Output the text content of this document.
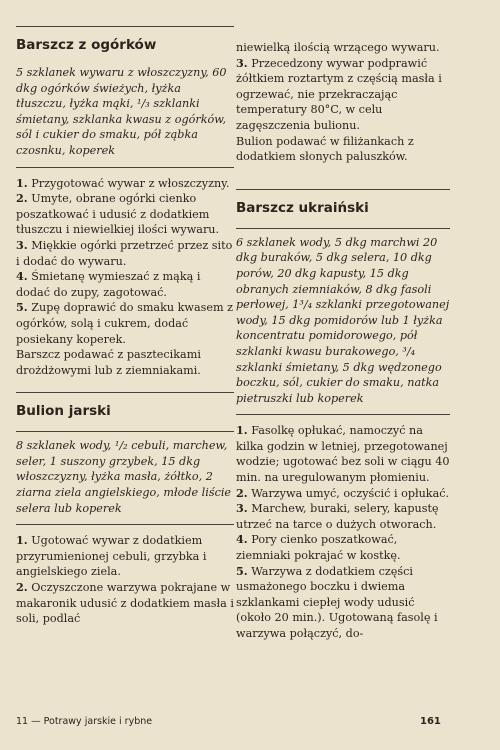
Barszcz z ogórków

5 szklanek wywaru z włoszczyzny, 60 dkg ogórków świeżych, łyżka tłuszczu, łyżka mąki, ¹/₃ szklanki śmietany, szklanka kwasu z ogórków, sól i cukier do smaku, pół ząbka czosnku, koperek

1. Przygotować wywar z włoszczyzny.

2. Umyte, obrane ogórki cienko poszatkować i udusić z dodatkiem tłuszczu i niewielkiej ilości wywaru.

3. Miękkie ogórki przetrzeć przez sito i dodać do wywaru.

4. Śmietanę wymieszać z mąką i dodać do zupy, zagotować.

5. Zupę doprawić do smaku kwasem z ogórków, solą i cukrem, dodać posiekany koperek.

Barszcz podawać z pasztecikami drożdżowymi lub z ziemniakami.

Bulion jarski

8 szklanek wody, ¹/₂ cebuli, marchew, seler, 1 suszony grzybek, 15 dkg włoszczyzny, łyżka masła, żółtko, 2 ziarna ziela angielskiego, młode liście selera lub koperek

1. Ugotować wywar z dodatkiem przyrumienionej cebuli, grzybka i angielskiego ziela.

2. Oczyszczone warzywa pokrajane w makaronik udusić z dodatkiem masła i soli, podlać

niewielką ilością wrzącego wywaru.

3. Przecedzony wywar podprawić żółtkiem roztartym z częścią masła i ogrzewać, nie przekraczając temperatury 80°C, w celu zagęszczenia bulionu.

Bulion podawać w filiżankach z dodatkiem słonych paluszków.

Barszcz ukraiński

6 szklanek wody, 5 dkg marchwi 20 dkg buraków, 5 dkg selera, 10 dkg porów, 20 dkg kapusty, 15 dkg obranych ziemniaków, 8 dkg fasoli perłowej, 1³/₄ szklanki przegotowanej wody, 15 dkg pomidorów lub 1 łyżka koncentratu pomidorowego, pół szklanki kwasu burakowego, ³/₄ szklanki śmietany, 5 dkg wędzonego boczku, sól, cukier do smaku, natka pietruszki lub koperek

1. Fasolkę opłukać, namoczyć na kilka godzin w letniej, przegotowanej wodzie; ugotować bez soli w ciągu 40 min. na uregulowanym płomieniu.

2. Warzywa umyć, oczyścić i opłukać.

3. Marchew, buraki, selery, kapustę utrzeć na tarce o dużych otworach.

4. Pory cienko poszatkować, ziemniaki pokrajać w kostkę.

5. Warzywa z dodatkiem części usmażonego boczku i dwiema szklankami ciepłej wody udusić (około 20 min.). Ugotowaną fasolę i warzywa połączyć, do-

11 — Potrawy jarskie i rybne	161
